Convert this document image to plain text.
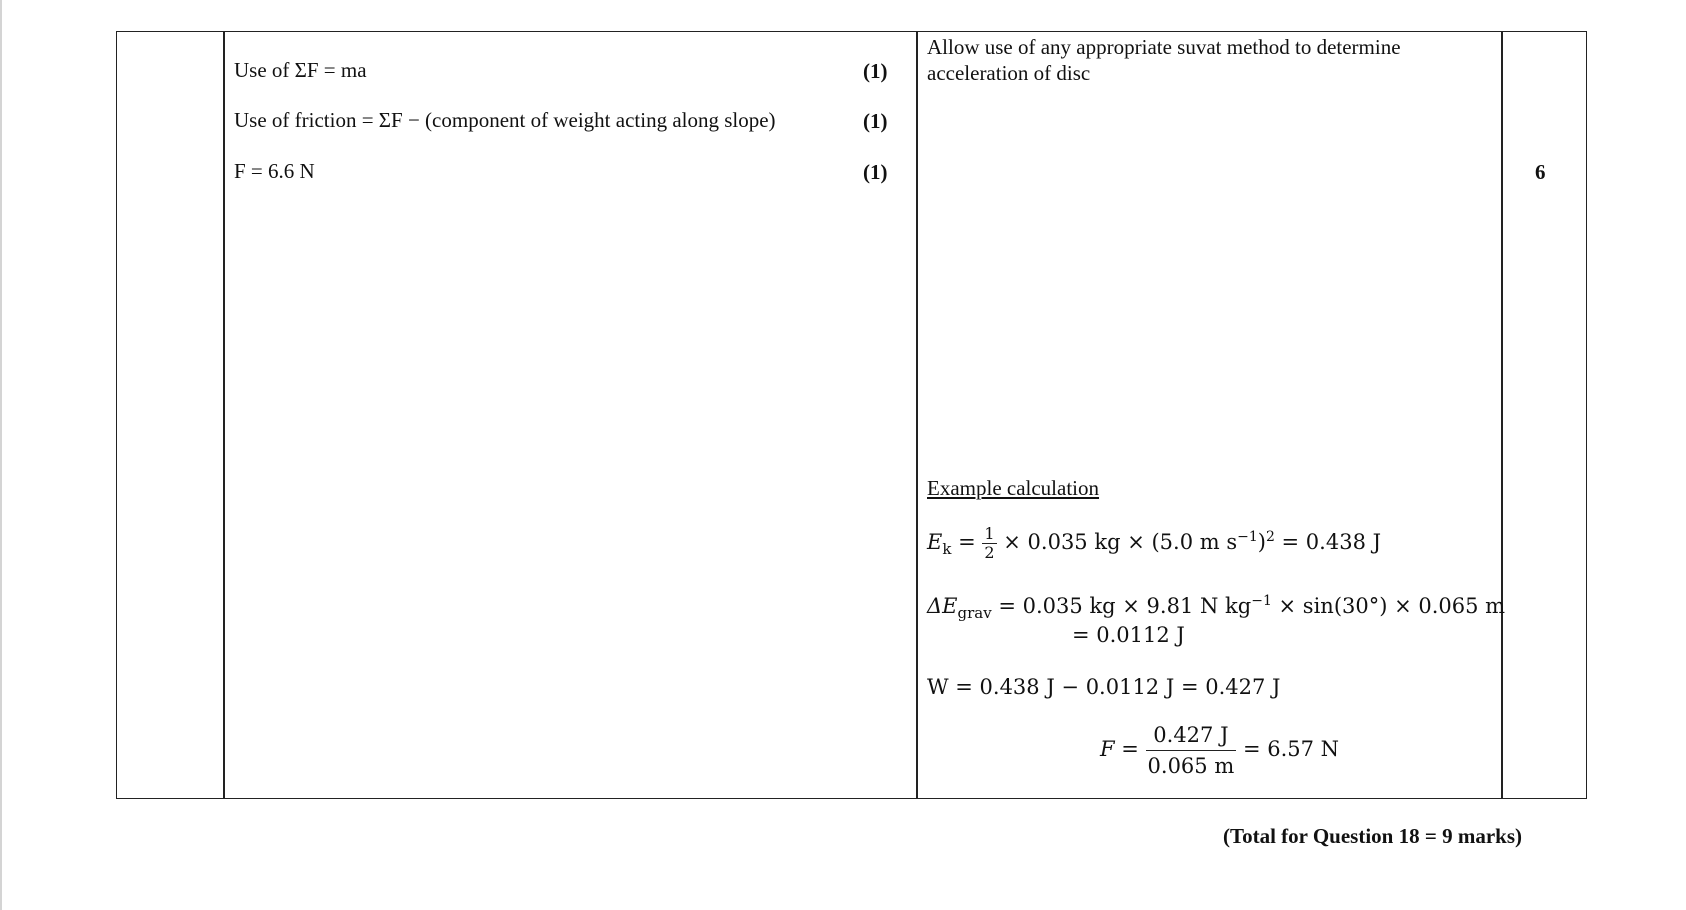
Use of ΣF = ma	(1)
Use of friction = ΣF − (component of weight acting along slope)	(1)
F = 6.6 N	(1)
Allow use of any appropriate suvat method to determine
acceleration of disc
Example calculation
$E_k = \frac{1}{2} \times 0.035$ kg × (5.0 m $s^{-1})^2 = 0.438$ J
$\Delta E_{grav} = 0.035$ kg × 9.81 N $kg^{-1} \times \sin(30^\circ) \times 0.065$ m
= 0.0112 J
W = 0.438 J − 0.0112 J = 0.427 J
$F = \frac{0.427 J}{0.065 m} = 6.57$ N
6
(Total for Question 18 = 9 marks)
